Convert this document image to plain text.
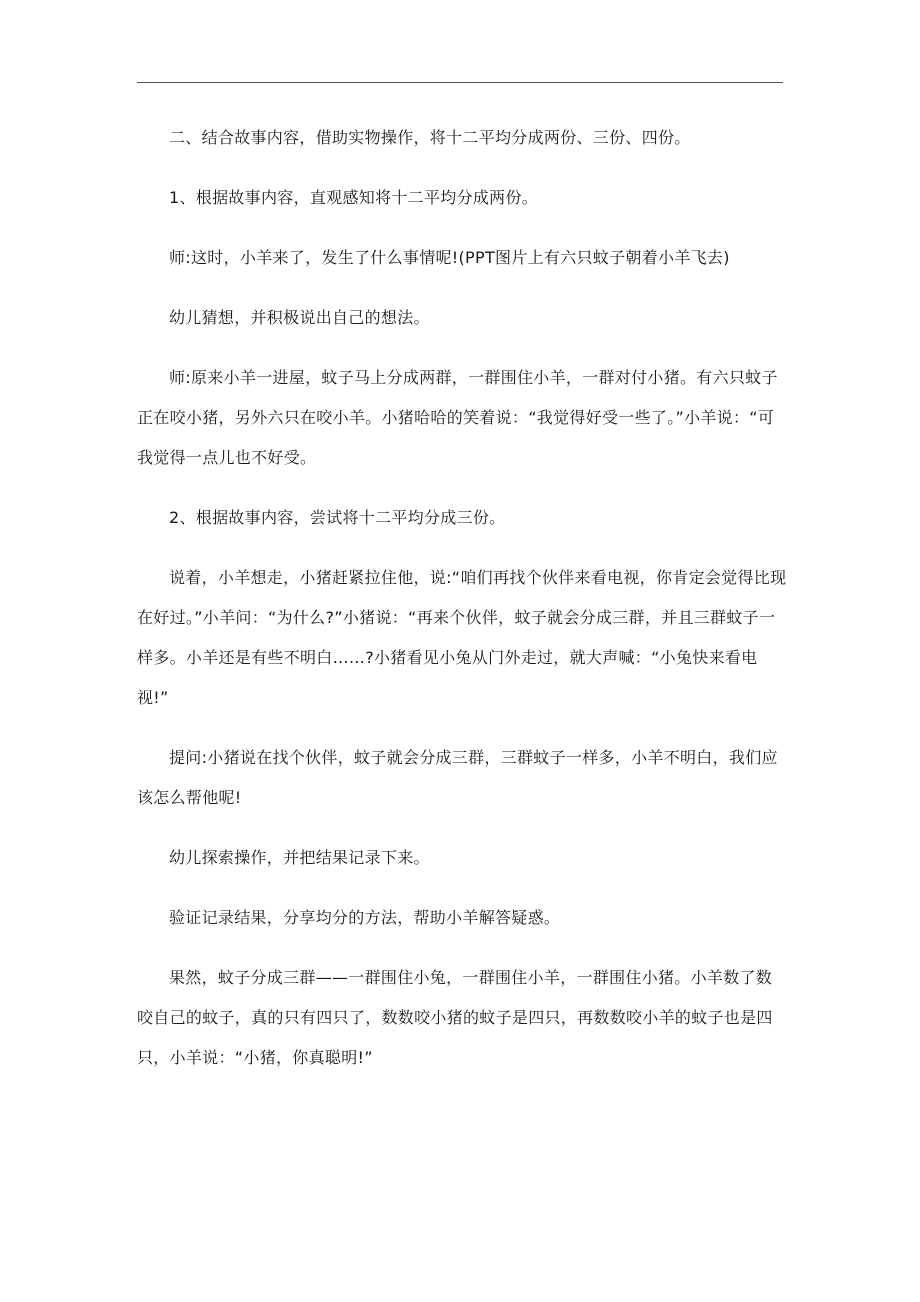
二、结合故事内容，借助实物操作，将十二平均分成两份、三份、四份。

1、根据故事内容，直观感知将十二平均分成两份。

师:这时，小羊来了，发生了什么事情呢!(PPT图片上有六只蚊子朝着小羊飞去)

幼儿猜想，并积极说出自己的想法。

师:原来小羊一进屋，蚊子马上分成两群，一群围住小羊，一群对付小猪。有六只蚊子正在咬小猪，另外六只在咬小羊。小猪哈哈的笑着说：“我觉得好受一些了。”小羊说：“可我觉得一点儿也不好受。

2、根据故事内容，尝试将十二平均分成三份。

说着，小羊想走，小猪赶紧拉住他，说:“咱们再找个伙伴来看电视，你肯定会觉得比现在好过。”小羊问：“为什么?”小猪说：“再来个伙伴，蚊子就会分成三群，并且三群蚊子一样多。小羊还是有些不明白……?小猪看见小兔从门外走过，就大声喊：“小兔快来看电视!”

提问:小猪说在找个伙伴，蚊子就会分成三群，三群蚊子一样多，小羊不明白，我们应该怎么帮他呢!

幼儿探索操作，并把结果记录下来。

验证记录结果，分享均分的方法，帮助小羊解答疑惑。

果然，蚊子分成三群——一群围住小兔，一群围住小羊，一群围住小猪。小羊数了数咬自己的蚊子，真的只有四只了，数数咬小猪的蚊子是四只，再数数咬小羊的蚊子也是四只，小羊说：“小猪，你真聪明!”
